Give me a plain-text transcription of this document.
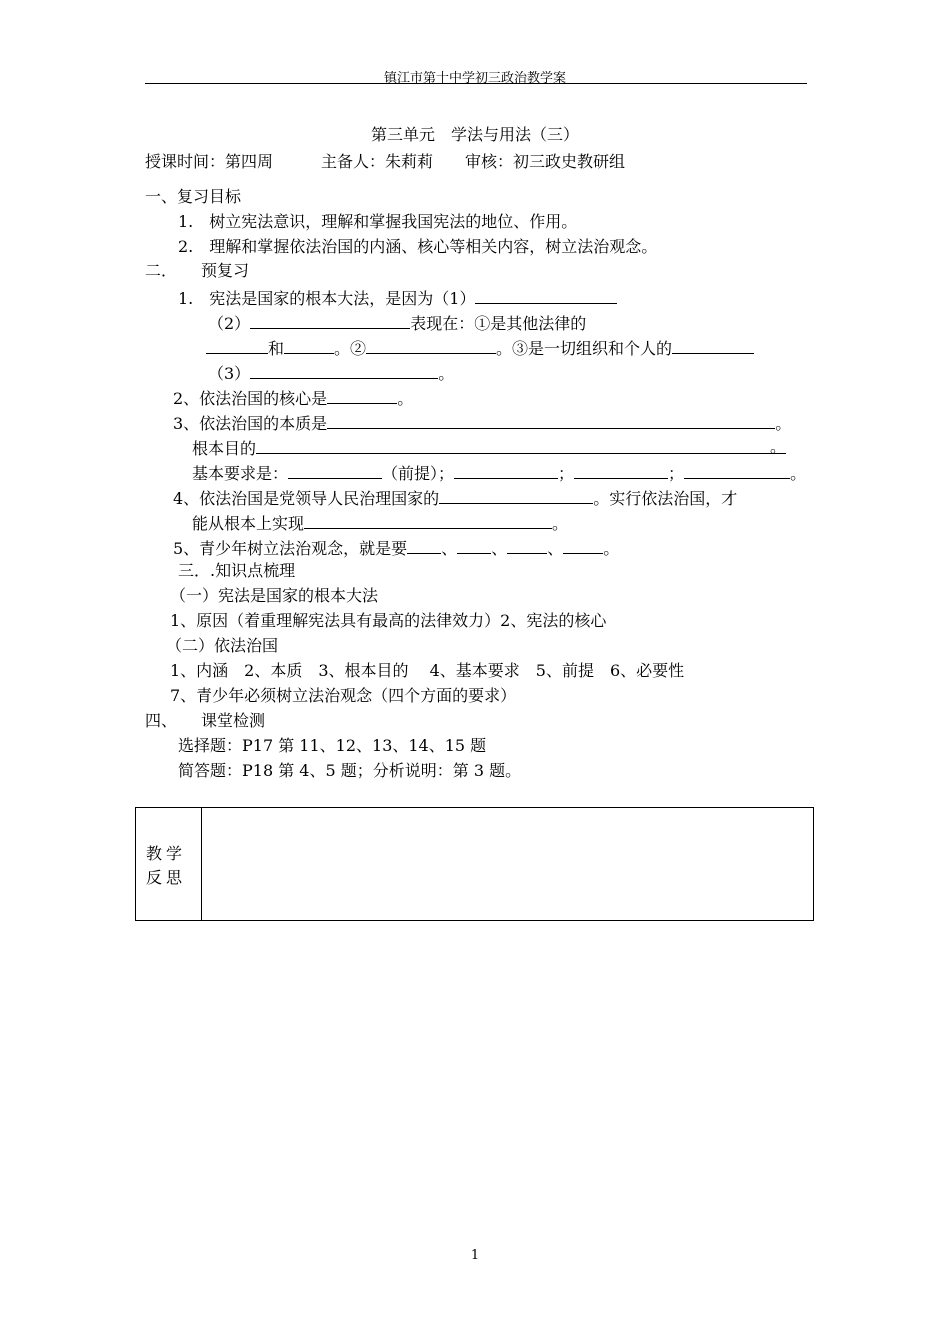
镇江市第十中学初三政治教学案
第三单元　学法与用法（三）
授课时间：第四周　　　主备人：朱莉莉　　审核：初三政史教研组
一、复习目标
1.　树立宪法意识，理解和掌握我国宪法的地位、作用。
2.　理解和掌握依法治国的内涵、核心等相关内容，树立法治观念。
二．　　预复习
1.　宪法是国家的根本大法，是因为（1）
（2）	表现在：①是其他法律的
和	。②	。③是一切组织和个人的
（3）	。
2、依法治国的核心是	。
3、依法治国的本质是	。
根本目的	。
基本要求是：	（前提）；	；	；	。
4、依法治国是党领导人民治理国家的	。实行依法治国，才
能从根本上实现	。
5、青少年树立法治观念，就是要 、 、	、	。
三．.知识点梳理
（一）宪法是国家的根本大法
1、原因（着重理解宪法具有最高的法律效力）2、宪法的核心
（二）依法治国
1、内涵　2、本质　3、根本目的　 4、基本要求　5、前提　6、必要性
7、青少年必须树立法治观念（四个方面的要求）
四、　　课堂检测
选择题：P17 第 11、12、13、14、15 题
简答题：P18 第 4、5 题；分析说明：第 3 题。
教学反思
1
